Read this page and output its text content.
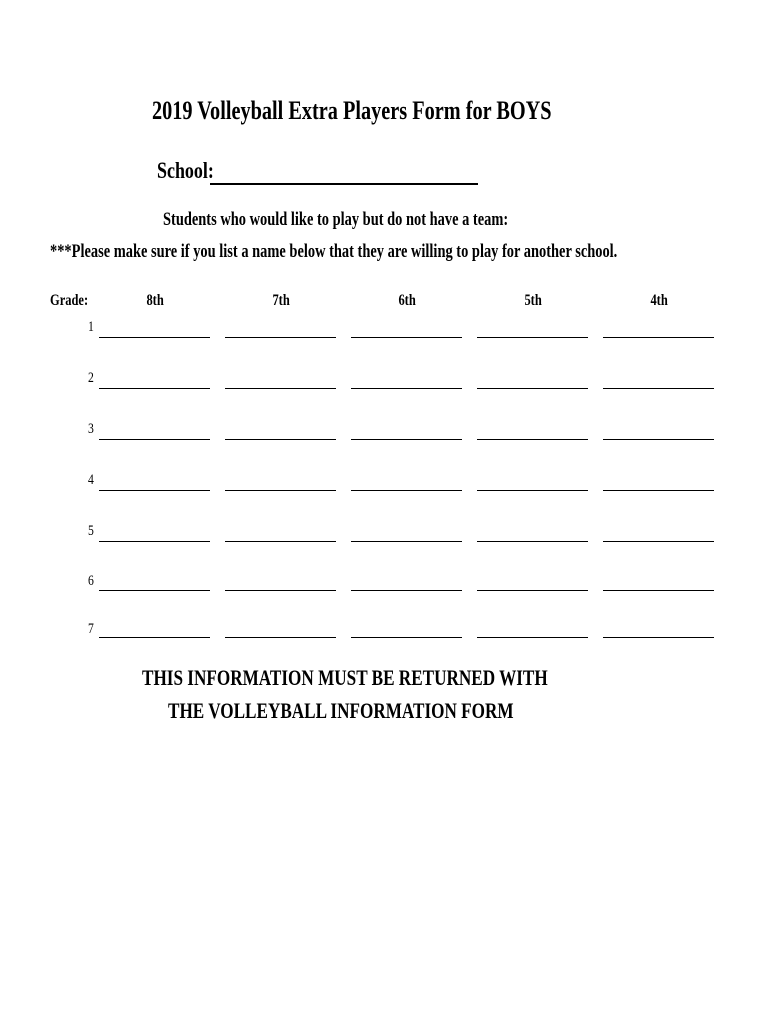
2019 Volleyball Extra Players Form for BOYS
School:
Students who would like to play but do not have a team:
***Please make sure if you list a name below that they are willing to play for another school.
Grade:	8th	7th	6th	5th	4th
1
2
3
4
5
6
7
THIS INFORMATION MUST BE RETURNED WITH
THE VOLLEYBALL INFORMATION FORM
